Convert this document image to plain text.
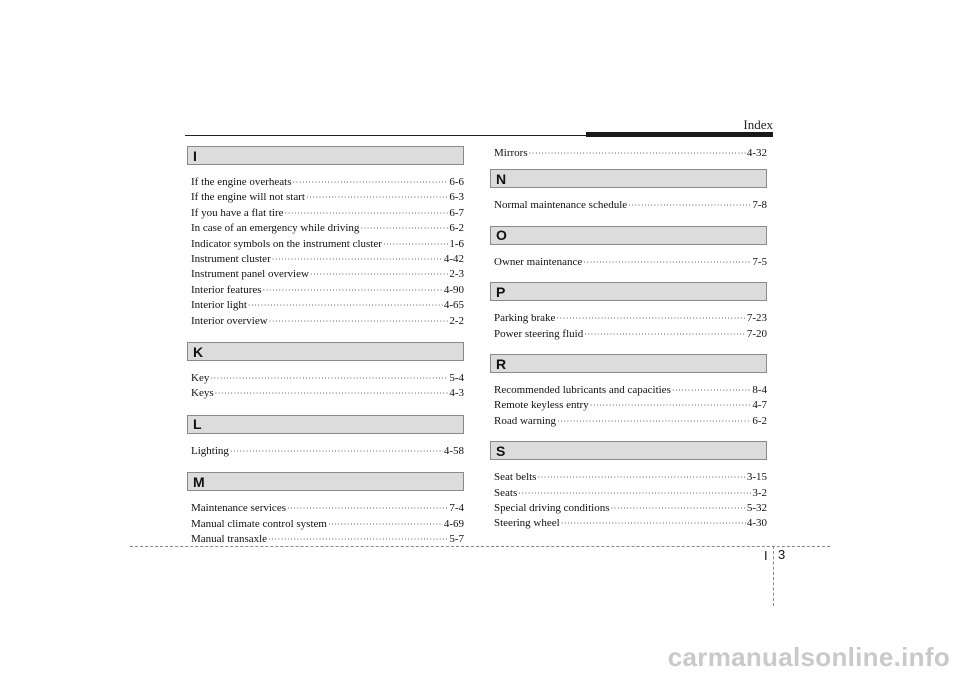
Index
I
If the engine overheats ·····	6-6
If the engine will not start ·····	6-3
If you have a flat tire ·····	6-7
In case of an emergency while driving ·····	6-2
Indicator symbols on the instrument cluster ·····	1-6
Instrument cluster ·····	4-42
Instrument panel overview ·····	2-3
Interior features ·····	4-90
Interior light ·····	4-65
Interior overview ·····	2-2
K
Key ·····	5-4
Keys ·····	4-3
L
Lighting ·····	4-58
M
Maintenance services ·····	7-4
Manual climate control system ·····	4-69
Manual transaxle ·····	5-7
Mirrors ·····	4-32
N
Normal maintenance schedule ·····	7-8
O
Owner maintenance ·····	7-5
P
Parking brake ·····	7-23
Power steering fluid ·····	7-20
R
Recommended lubricants and capacities ·····	8-4
Remote keyless entry ·····	4-7
Road warning ·····	6-2
S
Seat belts ·····	3-15
Seats ·····	3-2
Special driving conditions ·····	5-32
Steering wheel ·····	4-30
I 3
carmanualsonline.info
